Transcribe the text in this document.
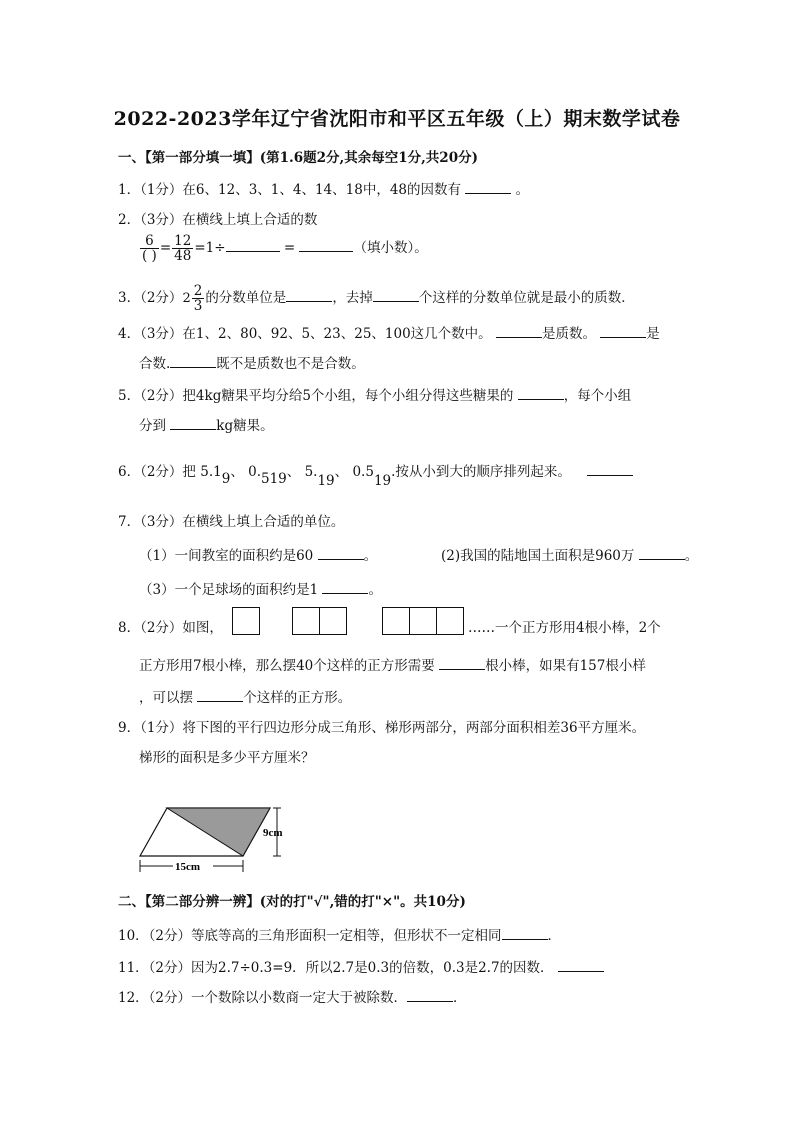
2022-2023学年辽宁省沈阳市和平区五年级（上）期末数学试卷
一、【第一部分填一填】(第1.6题2分,其余每空1分,共20分)
1．（1分）在6、12、3、1、4、14、18中，48的因数有	。
2．（3分）在横线上填上合适的数
$\frac{6}{( )} = \frac{12}{48} =1\div$	=	（填小数）。
3．（2分）$2 \frac{2}{3}$ 的分数单位是	，去掉	个这样的分数单位就是最小的质数．
4．（3分）在1、2、80、92、5、23、25、100这几个数中。	是质数。	是
合数.	既不是质数也不是合数。
5．（2分）把4kg糖果平均分给5个小组，每个小组分得这些糖果的	，每个小组
分到	kg糖果。
6．（2分）把 5.19、 0.519、 5.19、 0.519.按从小到大的顺序排列起来。
7．（3分）在横线上填上合适的单位。
（1）一间教室的面积约是60	。	(2)我国的陆地国土面积是960万	。
（3）一个足球场的面积约是1	。
8．（2分）如图，	……一个正方形用4根小棒，2个
正方形用7根小棒，那么摆40个这样的正方形需要	根小棒，如果有157根小样
，可以摆	个这样的正方形。
9．（1分）将下图的平行四边形分成三角形、梯形两部分，两部分面积相差36平方厘米。
梯形的面积是多少平方厘米？
9cm
15cm
二、【第二部分辨一辨】(对的打"√",错的打"×"。共10分)
10．（2分）等底等高的三角形面积一定相等，但形状不一定相同	．
11．（2分）因为2.7÷0.3=9．所以2.7是0.3的倍数，0.3是2.7的因数．
12．（2分）一个数除以小数商一定大于被除数．	．
